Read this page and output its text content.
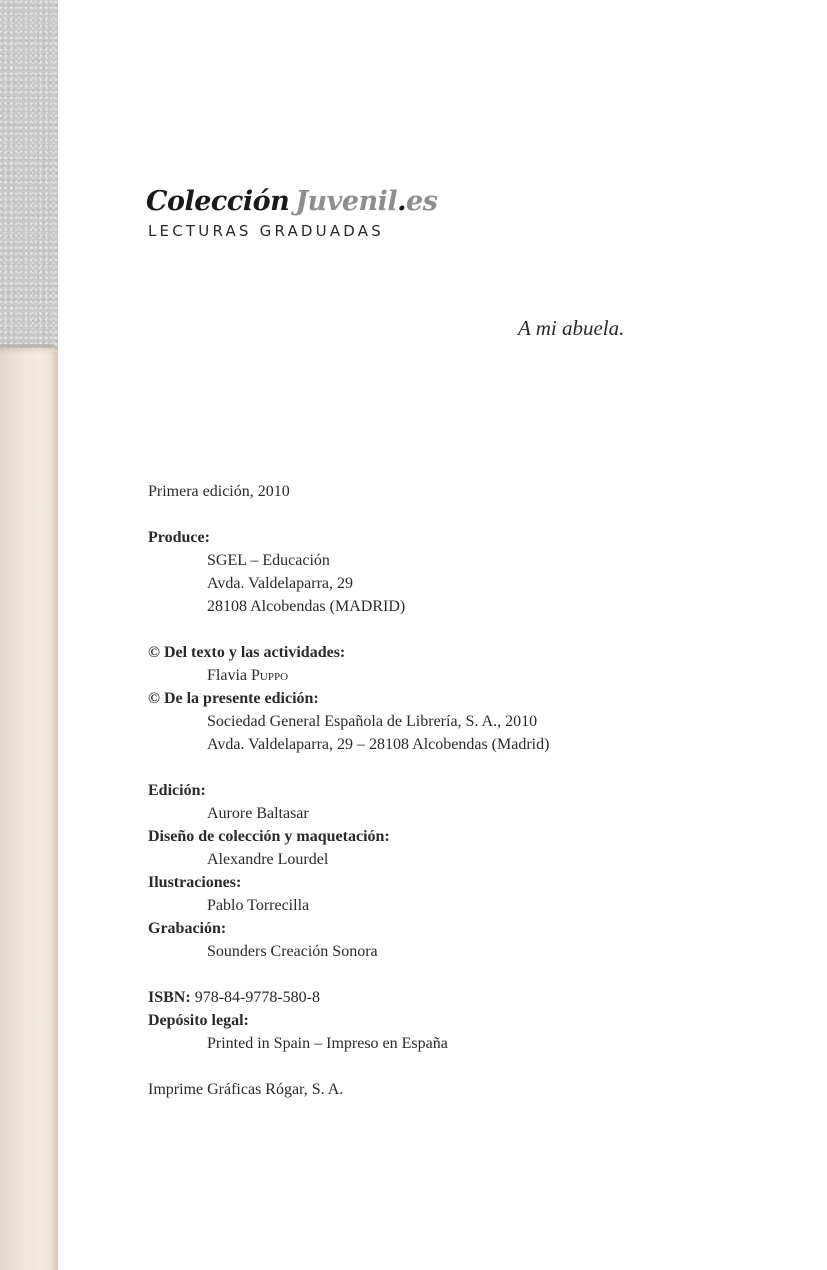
Colección Juvenil.es
LECTURAS GRADUADAS
A mi abuela.
Primera edición, 2010
Produce:
SGEL – Educación
Avda. Valdelaparra, 29
28108 Alcobendas (MADRID)
© Del texto y las actividades:
Flavia Puppo
© De la presente edición:
Sociedad General Española de Librería, S. A., 2010
Avda. Valdelaparra, 29 – 28108 Alcobendas (Madrid)
Edición:
Aurore Baltasar
Diseño de colección y maquetación:
Alexandre Lourdel
Ilustraciones:
Pablo Torrecilla
Grabación:
Sounders Creación Sonora
ISBN: 978-84-9778-580-8
Depósito legal:
Printed in Spain – Impreso en España
Imprime Gráficas Rógar, S. A.
